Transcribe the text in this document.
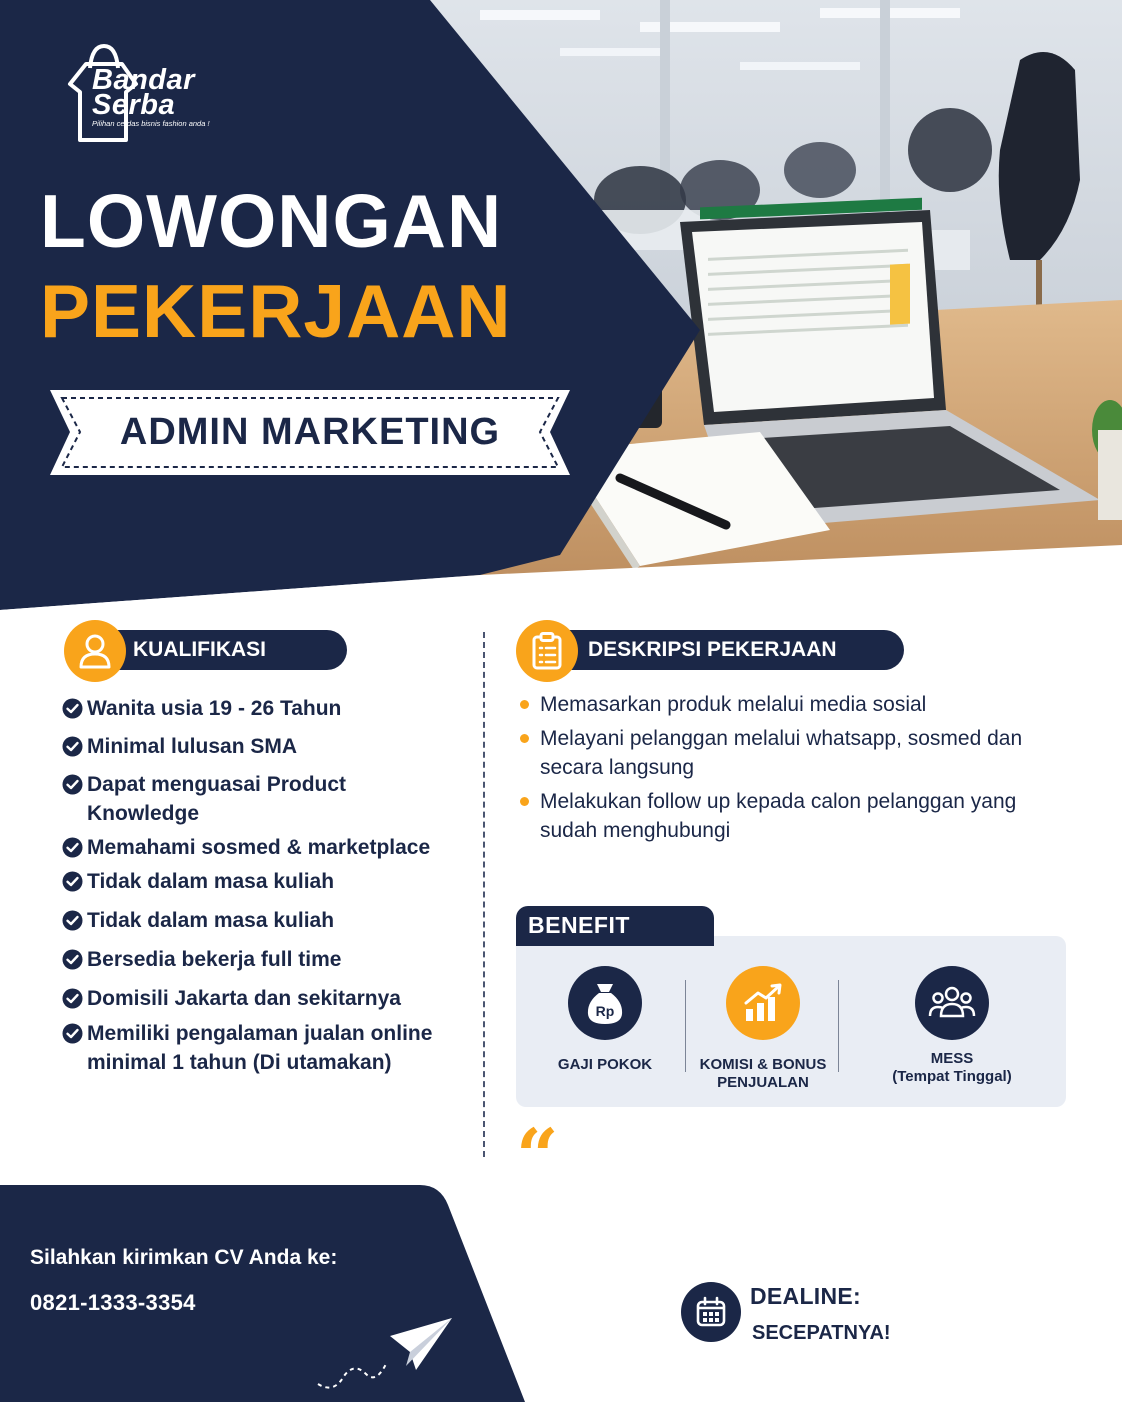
Bandar
Serba
Pilihan cerdas bisnis fashion anda !
LOWONGAN
PEKERJAAN
ADMIN MARKETING
KUALIFIKASI	DESKRIPSI PEKERJAAN
Wanita usia 19 - 26 Tahun
Minimal lulusan SMA
Dapat menguasai Product Knowledge
Memahami sosmed & marketplace
Tidak dalam masa kuliah
Tidak dalam masa kuliah
Bersedia bekerja full time
Domisili Jakarta dan sekitarnya
Memiliki pengalaman jualan online minimal 1 tahun (Di utamakan)
Memasarkan produk melalui media sosial
Melayani pelanggan melalui whatsapp, sosmed dan secara langsung
Melakukan follow up kepada calon pelanggan yang sudah menghubungi
BENEFIT
Rp
GAJI POKOK	KOMISI & BONUS
PENJUALAN
MESS
(Tempat Tinggal)
“
Silahkan kirimkan CV Anda ke:
0821-1333-3354	DEALINE:
SECEPATNYA!
